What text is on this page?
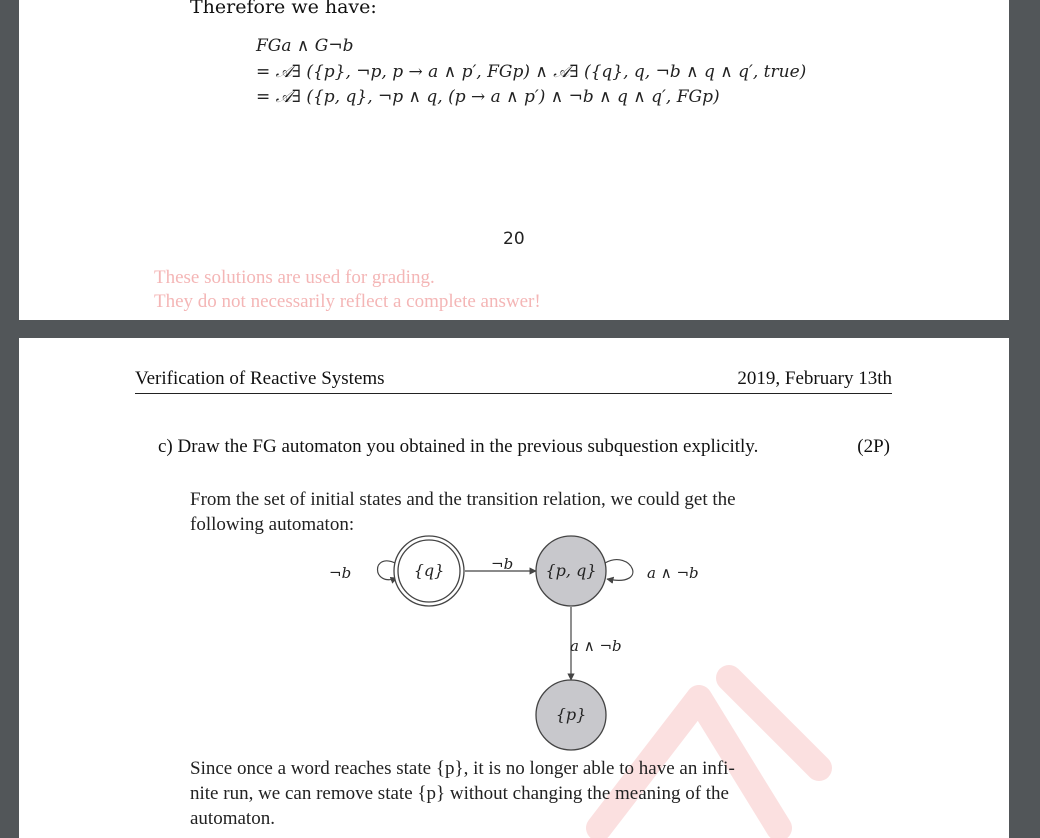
Therefore we have:
FGa ∧ G¬b
= 𝒜∃ ({p}, ¬p, p → a ∧ p′, FGp) ∧ 𝒜∃ ({q}, q, ¬b ∧ q ∧ q′, true)
= 𝒜∃ ({p, q}, ¬p ∧ q, (p → a ∧ p′) ∧ ¬b ∧ q ∧ q′, FGp)
20
These solutions are used for grading.
They do not necessarily reflect a complete answer!
Verification of Reactive Systems	2019, February 13th
c) Draw the FG automaton you obtained in the previous subquestion explicitly.	(2P)
From the set of initial states and the transition relation, we could get the
following automaton:
¬b	{q}	¬b {p, q}	a ∧ ¬b
a ∧ ¬b
{p}
Since once a word reaches state {p}, it is no longer able to have an infi-
nite run, we can remove state {p} without changing the meaning of the
automaton.
